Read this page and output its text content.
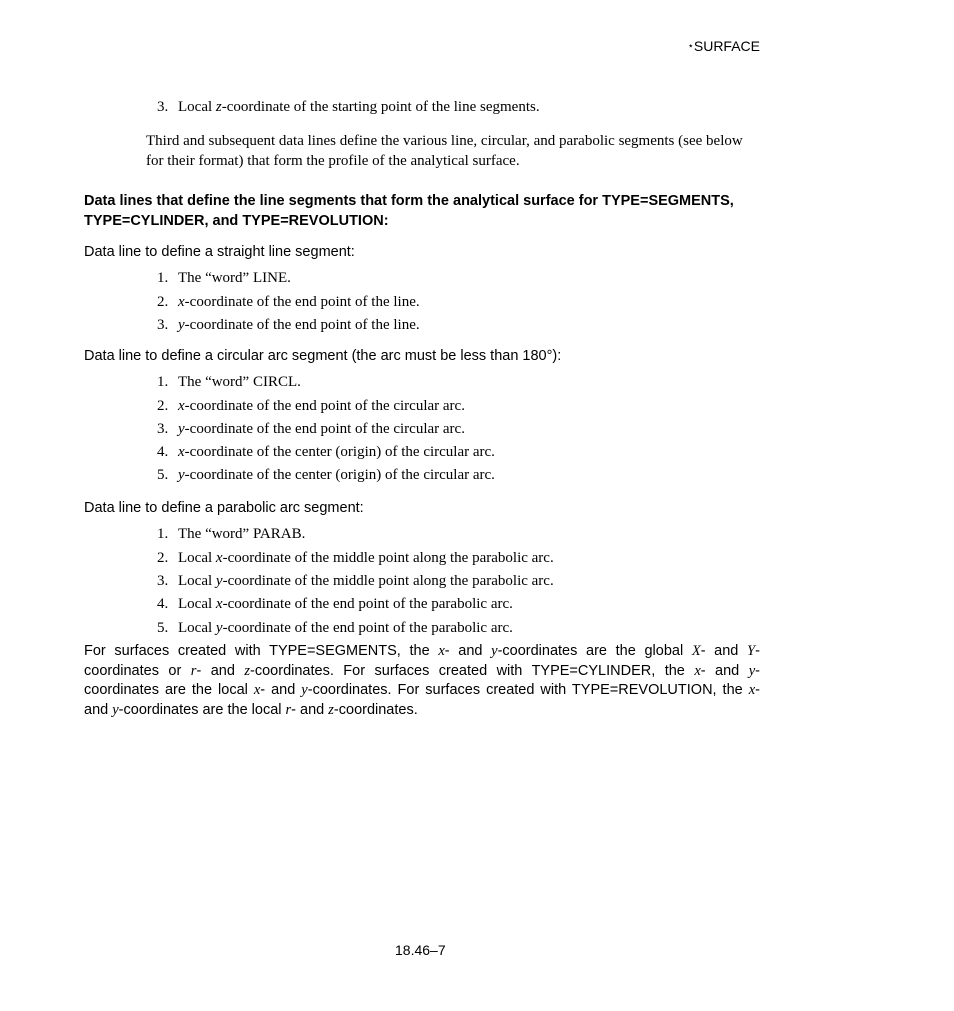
⋆SURFACE
3. Local z-coordinate of the starting point of the line segments.
Third and subsequent data lines define the various line, circular, and parabolic segments (see below for their format) that form the profile of the analytical surface.
Data lines that define the line segments that form the analytical surface for TYPE=SEGMENTS, TYPE=CYLINDER, and TYPE=REVOLUTION:
Data line to define a straight line segment:
1. The “word” LINE.
2. x-coordinate of the end point of the line.
3. y-coordinate of the end point of the line.
Data line to define a circular arc segment (the arc must be less than 180°):
1. The “word” CIRCL.
2. x-coordinate of the end point of the circular arc.
3. y-coordinate of the end point of the circular arc.
4. x-coordinate of the center (origin) of the circular arc.
5. y-coordinate of the center (origin) of the circular arc.
Data line to define a parabolic arc segment:
1. The “word” PARAB.
2. Local x-coordinate of the middle point along the parabolic arc.
3. Local y-coordinate of the middle point along the parabolic arc.
4. Local x-coordinate of the end point of the parabolic arc.
5. Local y-coordinate of the end point of the parabolic arc.
For surfaces created with TYPE=SEGMENTS, the x- and y-coordinates are the global X- and Y-coordinates or r- and z-coordinates. For surfaces created with TYPE=CYLINDER, the x- and y-coordinates are the local x- and y-coordinates. For surfaces created with TYPE=REVOLUTION, the x- and y-coordinates are the local r- and z-coordinates.
18.46–7
